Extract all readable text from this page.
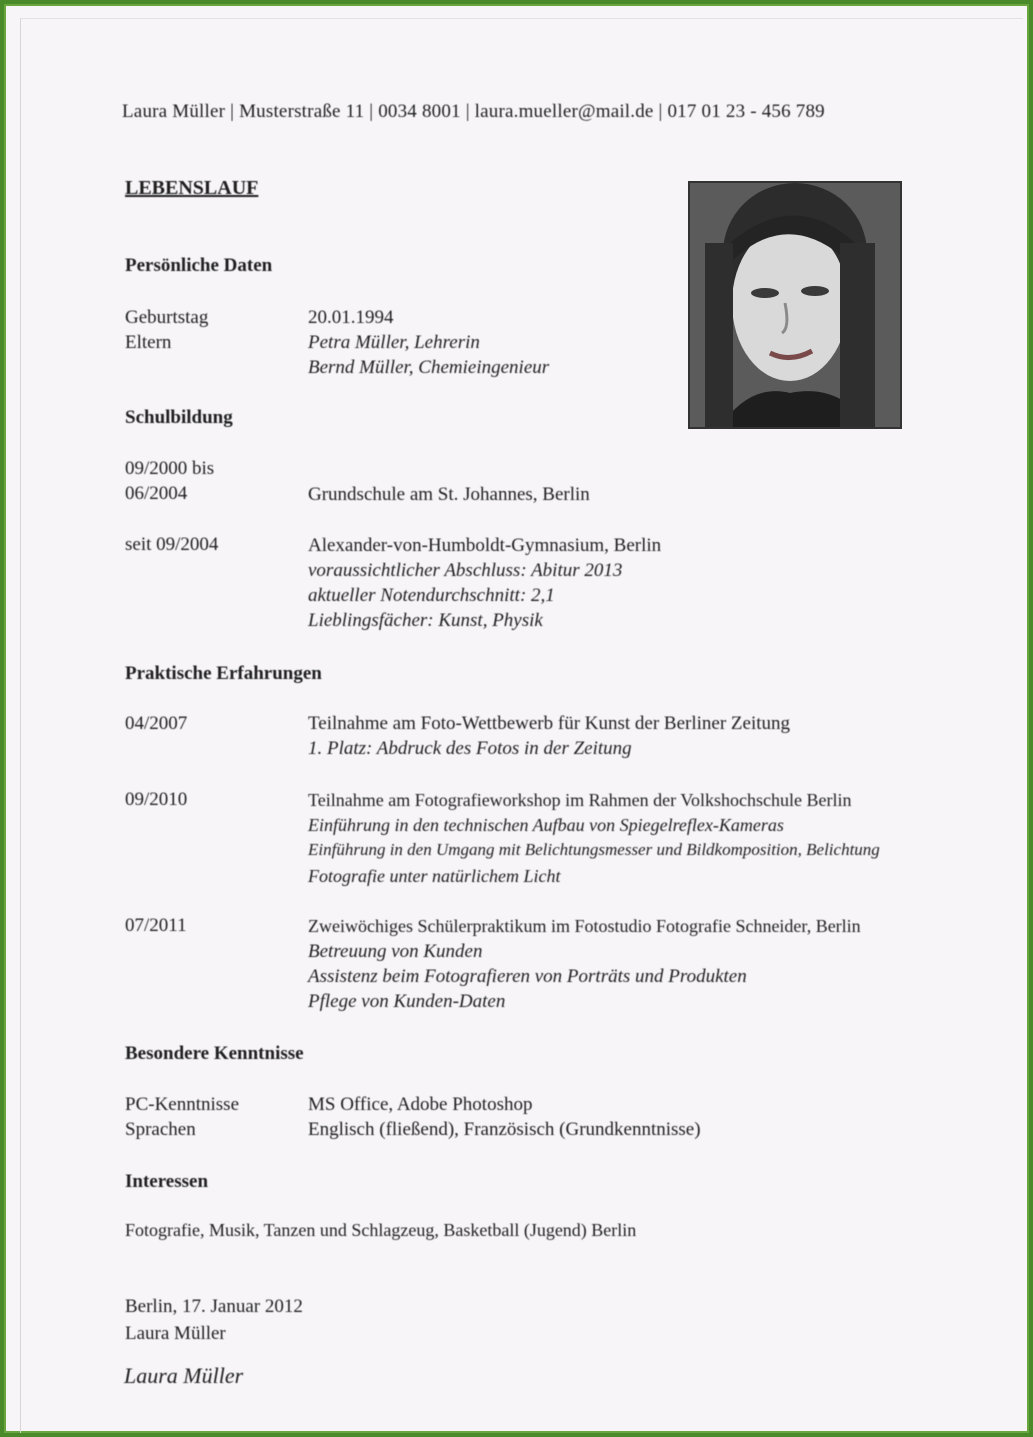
Laura Müller | Musterstraße 11 | 0034 8001 | laura.mueller@mail.de | 017 01 23 - 456 789
LEBENSLAUF
Persönliche Daten
Geburtstag	20.01.1994
Eltern	Petra Müller, Lehrerin
Bernd Müller, Chemieingenieur
Schulbildung
09/2000 bis
06/2004	Grundschule am St. Johannes, Berlin
seit 09/2004	Alexander-von-Humboldt-Gymnasium, Berlin
voraussichtlicher Abschluss: Abitur 2013
aktueller Notendurchschnitt: 2,1
Lieblingsfächer: Kunst, Physik
Praktische Erfahrungen
04/2007	Teilnahme am Foto-Wettbewerb für Kunst der Berliner Zeitung
1. Platz: Abdruck des Fotos in der Zeitung
09/2010	Teilnahme am Fotografieworkshop im Rahmen der Volkshochschule Berlin
Einführung in den technischen Aufbau von Spiegelreflex-Kameras
Einführung in den Umgang mit Belichtungsmesser und Bildkomposition, Belichtung
Fotografie unter natürlichem Licht
07/2011	Zweiwöchiges Schülerpraktikum im Fotostudio Fotografie Schneider, Berlin
Betreuung von Kunden
Assistenz beim Fotografieren von Porträts und Produkten
Pflege von Kunden-Daten
Besondere Kenntnisse
PC-Kenntnisse	MS Office, Adobe Photoshop
Sprachen	Englisch (fließend), Französisch (Grundkenntnisse)
Interessen
Fotografie, Musik, Tanzen und Schlagzeug, Basketball (Jugend) Berlin
Berlin, 17. Januar 2012
Laura Müller
Laura Müller
